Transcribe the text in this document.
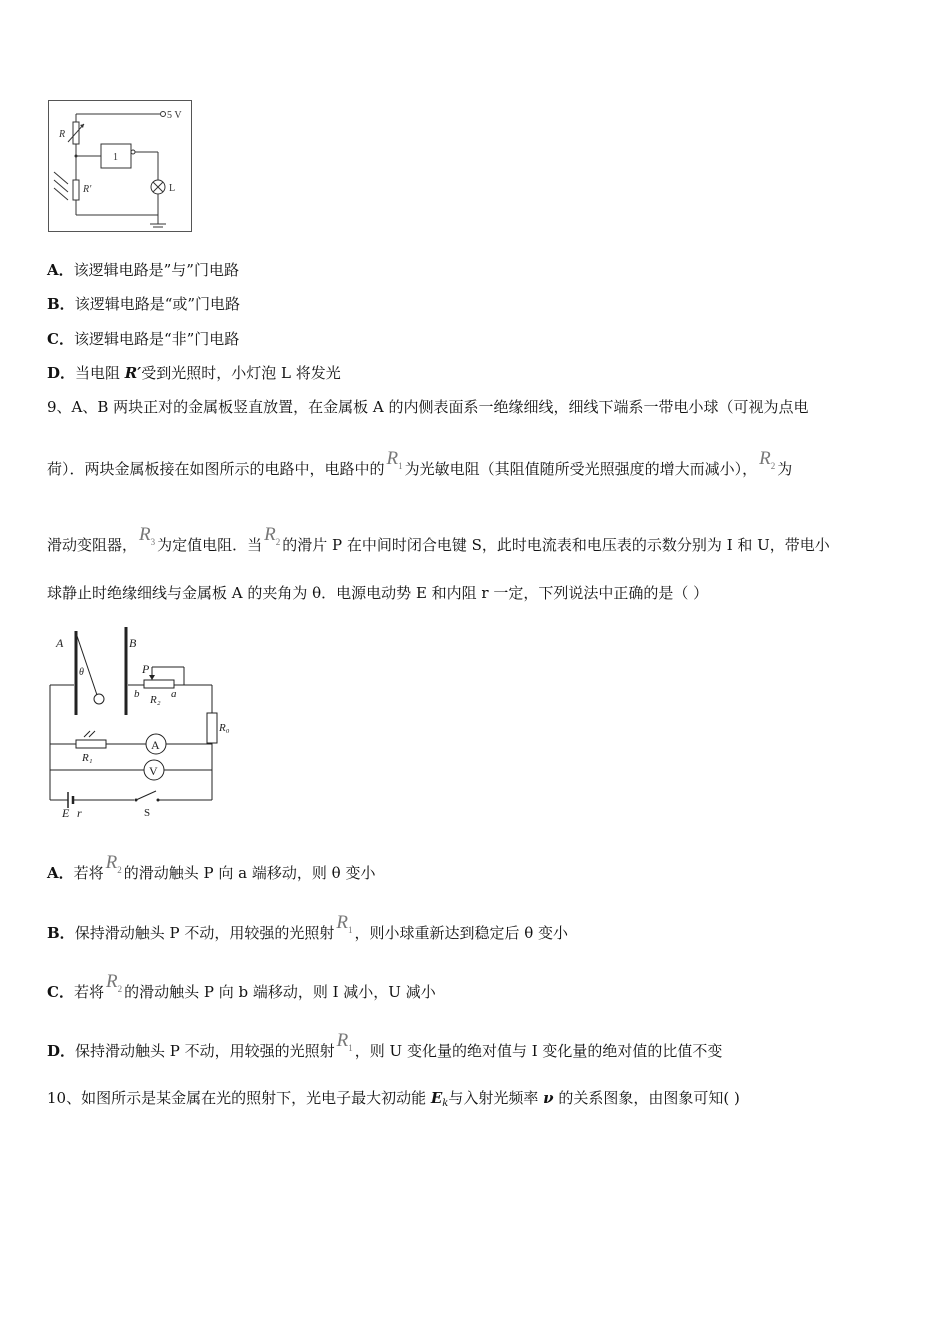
5 V
R
1
L
R'
A．该逻辑电路是”与”门电路
B．该逻辑电路是“或”门电路
C．该逻辑电路是“非”门电路
D．当电阻 R′受到光照时，小灯泡 L 将发光
9、A、B 两块正对的金属板竖直放置，在金属板 A 的内侧表面系一绝缘细线，细线下端系一带电小球（可视为点电
荷）．两块金属板接在如图所示的电路中，电路中的 $R_1$ 为光敏电阻（其阻值随所受光照强度的增大而减小）， $R_2$ 为
滑动变阻器， $R_3$ 为定值电阻．当 $R_2$ 的滑片 P 在中间时闭合电键 S，此时电流表和电压表的示数分别为 I 和 U，带电小
球静止时绝缘细线与金属板 A 的夹角为 θ．电源电动势 E 和内阻 r 一定，下列说法中正确的是（ ）
A	B
θ	P
b	a
R₂
R₀
R₁
A
V
E r	S
A．若将 $R_2$ 的滑动触头 P 向 a 端移动，则 θ 变小
B．保持滑动触头 P 不动，用较强的光照射 $R_1$ ，则小球重新达到稳定后 θ 变小
C．若将 $R_2$ 的滑动触头 P 向 b 端移动，则 I 减小，U 减小
D．保持滑动触头 P 不动，用较强的光照射 $R_1$ ，则 U 变化量的绝对值与 I 变化量的绝对值的比值不变
10、如图所示是某金属在光的照射下，光电子最大初动能 $E_k$与入射光频率 ν 的关系图象，由图象可知( )
